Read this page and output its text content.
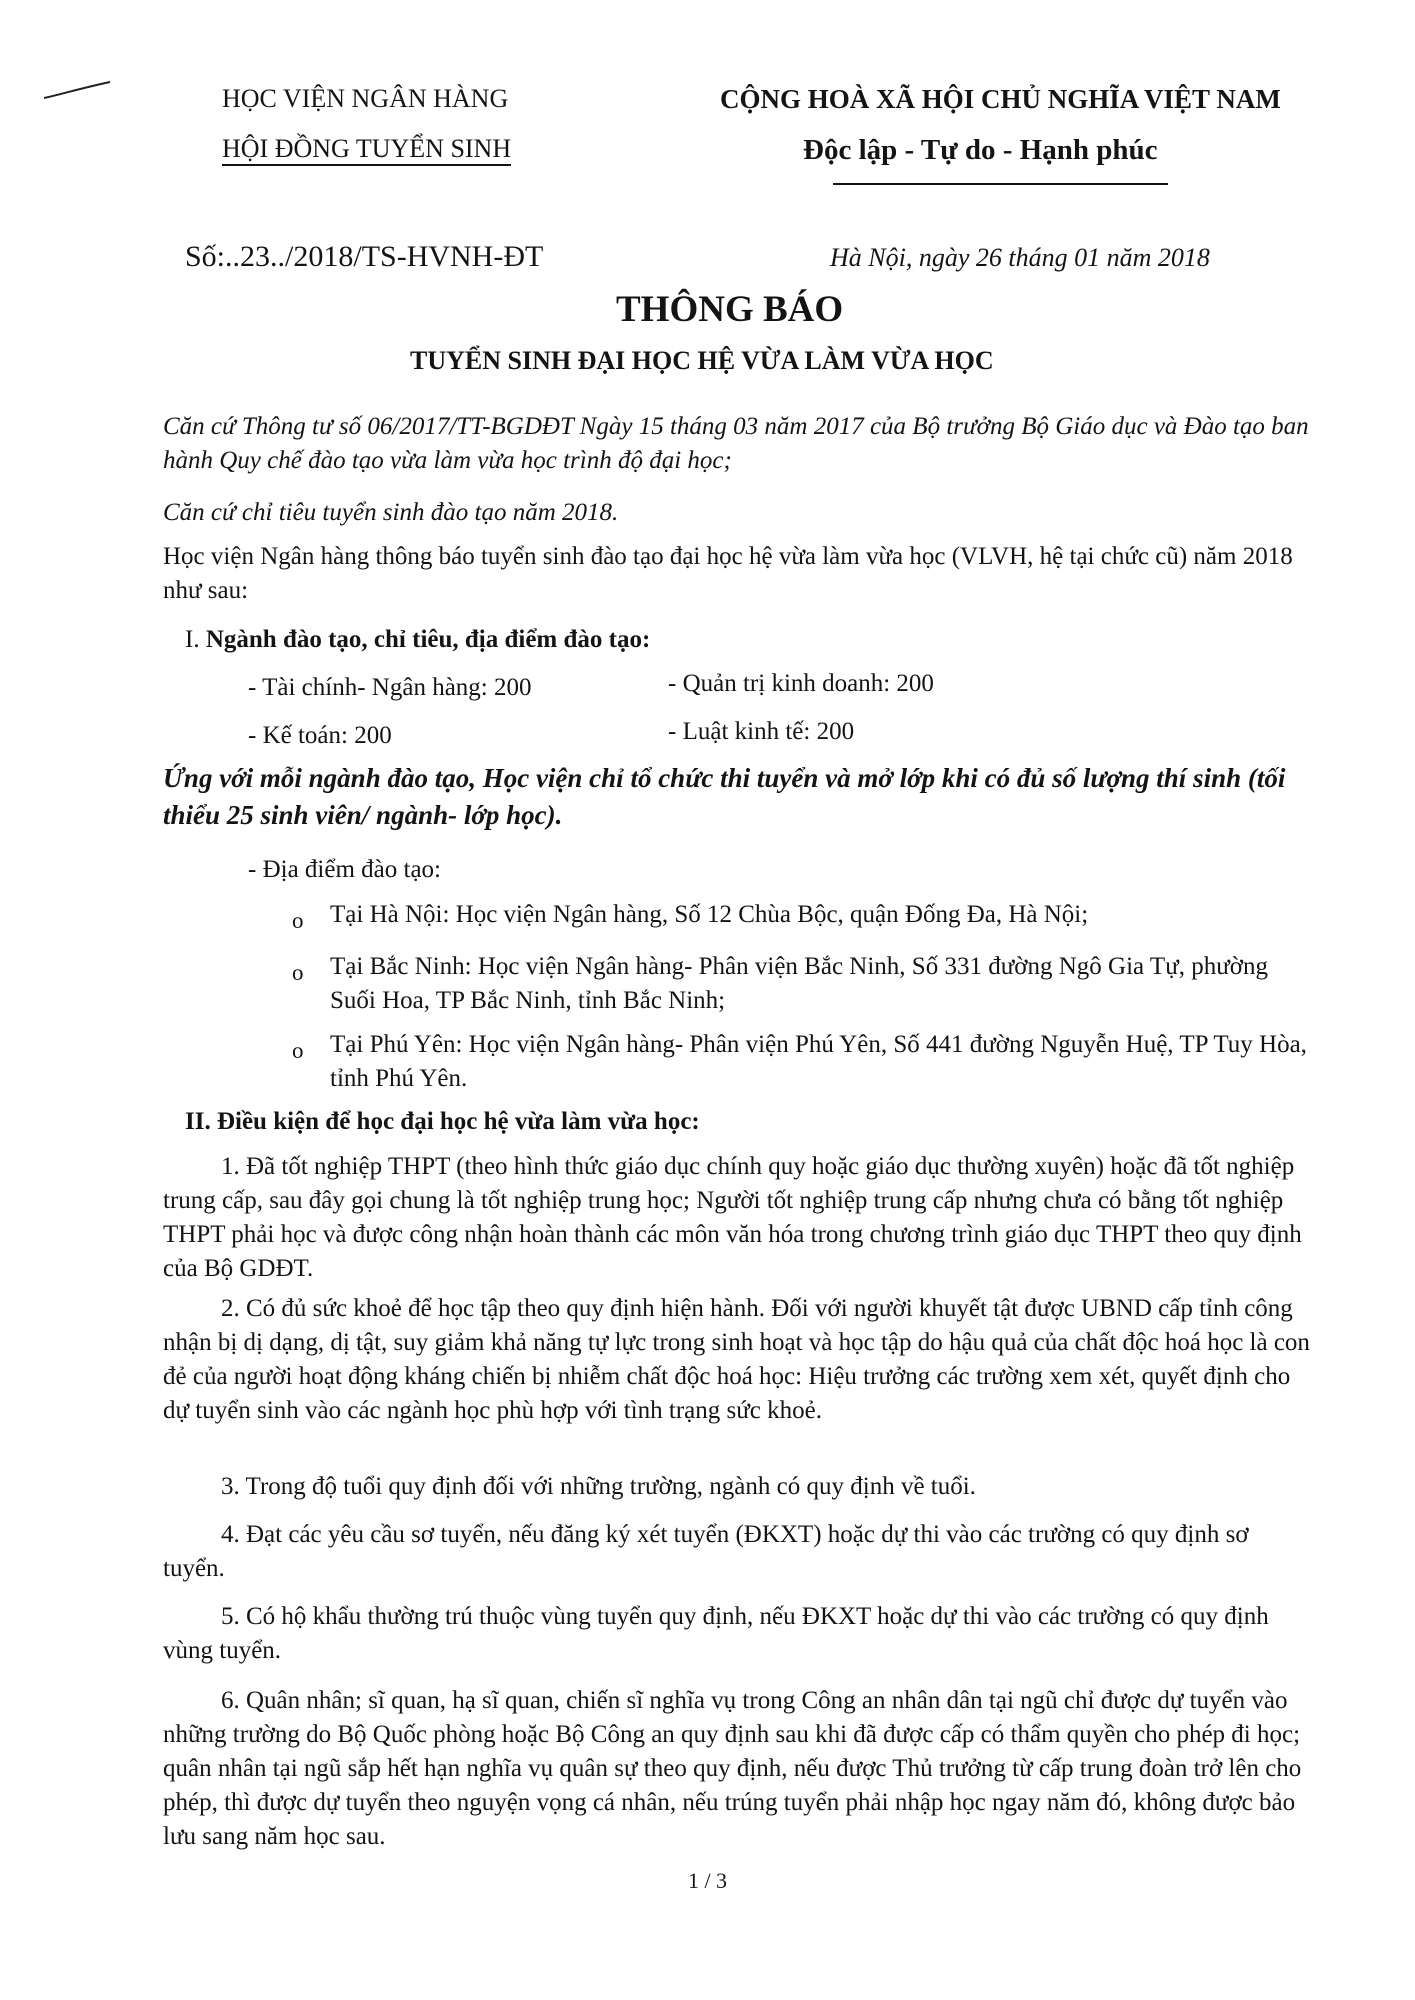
HỌC VIỆN NGÂN HÀNG
HỘI ĐỒNG TUYỂN SINH
CỘNG HOÀ XÃ HỘI CHỦ NGHĨA VIỆT NAM
Độc lập - Tự do - Hạnh phúc
Số:..23../2018/TS-HVNH-ĐT	Hà Nội, ngày 26 tháng 01 năm 2018
THÔNG BÁO
TUYỂN SINH ĐẠI HỌC HỆ VỪA LÀM VỪA HỌC
Căn cứ Thông tư số 06/2017/TT-BGDĐT Ngày 15 tháng 03 năm 2017 của Bộ trưởng Bộ Giáo dục và Đào tạo ban hành Quy chế đào tạo vừa làm vừa học trình độ đại học;
Căn cứ chỉ tiêu tuyển sinh đào tạo năm 2018.
Học viện Ngân hàng thông báo tuyển sinh đào tạo đại học hệ vừa làm vừa học (VLVH, hệ tại chức cũ) năm 2018 như sau:
I. Ngành đào tạo, chỉ tiêu, địa điểm đào tạo:
- Tài chính- Ngân hàng: 200	- Quản trị kinh doanh: 200
- Kế toán: 200	- Luật kinh tế: 200
Ứng với mỗi ngành đào tạo, Học viện chỉ tổ chức thi tuyển và mở lớp khi có đủ số lượng thí sinh (tối thiểu 25 sinh viên/ ngành- lớp học).
- Địa điểm đào tạo:
o Tại Hà Nội: Học viện Ngân hàng, Số 12 Chùa Bộc, quận Đống Đa, Hà Nội;
o Tại Bắc Ninh: Học viện Ngân hàng- Phân viện Bắc Ninh, Số 331 đường Ngô Gia Tự, phường Suối Hoa, TP Bắc Ninh, tỉnh Bắc Ninh;
o Tại Phú Yên: Học viện Ngân hàng- Phân viện Phú Yên, Số 441 đường Nguyễn Huệ, TP Tuy Hòa, tỉnh Phú Yên.
II. Điều kiện để học đại học hệ vừa làm vừa học:
1. Đã tốt nghiệp THPT (theo hình thức giáo dục chính quy hoặc giáo dục thường xuyên) hoặc đã tốt nghiệp trung cấp, sau đây gọi chung là tốt nghiệp trung học; Người tốt nghiệp trung cấp nhưng chưa có bằng tốt nghiệp THPT phải học và được công nhận hoàn thành các môn văn hóa trong chương trình giáo dục THPT theo quy định của Bộ GDĐT.
2. Có đủ sức khoẻ để học tập theo quy định hiện hành. Đối với người khuyết tật được UBND cấp tỉnh công nhận bị dị dạng, dị tật, suy giảm khả năng tự lực trong sinh hoạt và học tập do hậu quả của chất độc hoá học là con đẻ của người hoạt động kháng chiến bị nhiễm chất độc hoá học: Hiệu trưởng các trường xem xét, quyết định cho dự tuyển sinh vào các ngành học phù hợp với tình trạng sức khoẻ.
3. Trong độ tuổi quy định đối với những trường, ngành có quy định về tuổi.
4. Đạt các yêu cầu sơ tuyển, nếu đăng ký xét tuyển (ĐKXT) hoặc dự thi vào các trường có quy định sơ tuyển.
5. Có hộ khẩu thường trú thuộc vùng tuyển quy định, nếu ĐKXT hoặc dự thi vào các trường có quy định vùng tuyển.
6. Quân nhân; sĩ quan, hạ sĩ quan, chiến sĩ nghĩa vụ trong Công an nhân dân tại ngũ chỉ được dự tuyển vào những trường do Bộ Quốc phòng hoặc Bộ Công an quy định sau khi đã được cấp có thẩm quyền cho phép đi học; quân nhân tại ngũ sắp hết hạn nghĩa vụ quân sự theo quy định, nếu được Thủ trưởng từ cấp trung đoàn trở lên cho phép, thì được dự tuyển theo nguyện vọng cá nhân, nếu trúng tuyển phải nhập học ngay năm đó, không được bảo lưu sang năm học sau.
1 / 3
